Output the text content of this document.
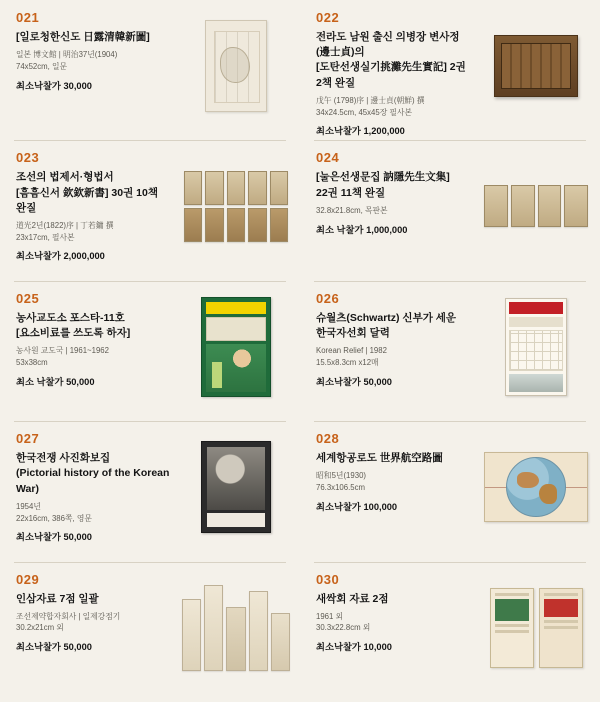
021
[일로청한신도 日露清韓新圖]
일본 博文館 | 明治37년(1904)
74x52cm, 일문
최소낙찰가 30,000
022
전라도 남원 출신 의병장 변사정(邊士貞)의
[도탄선생실기挑灘先生實記] 2권 2책 완질
戊午 (1798)序 | 邊士貞(朝鮮) 撰
34x24.5cm, 45x45장 필사본
최소낙찰가 1,200,000
023
조선의 법제서·형법서
[흠흠신서 欽欽新書] 30권 10책 완질
道光2년(1822)序 | 丁若鏞 撰
23x17cm, 필사본
최소낙찰가 2,000,000
024
[눌은선생문집 訥隱先生文集]
22권 11책 완질
32.8x21.8cm, 목판본
최소 낙찰가 1,000,000
025
농사교도소 포스타-11호
[요소비료를 쓰도록 하자]
농사원 교도국 | 1961~1962
53x38cm
최소 낙찰가 50,000
026
슈월츠(Schwartz) 신부가 세운
한국자선회 달력
Korean Relief | 1982
15.5x8.3cm x12매
최소낙찰가 50,000
027
한국전쟁 사진화보집
(Pictorial history of the Korean War)
1954년
22x16cm, 386쪽, 영문
최소낙찰가 50,000
028
세계항공로도 世界航空路圖
昭和5년(1930)
76.3x106.5cm
최소낙찰가 100,000
029
인삼자료 7점 일괄
조선제약합자회사 | 일제강점기
30.2x21cm 외
최소낙찰가 50,000
030
새싹회 자료 2점
1961 외
30.3x22.8cm 외
최소낙찰가 10,000
